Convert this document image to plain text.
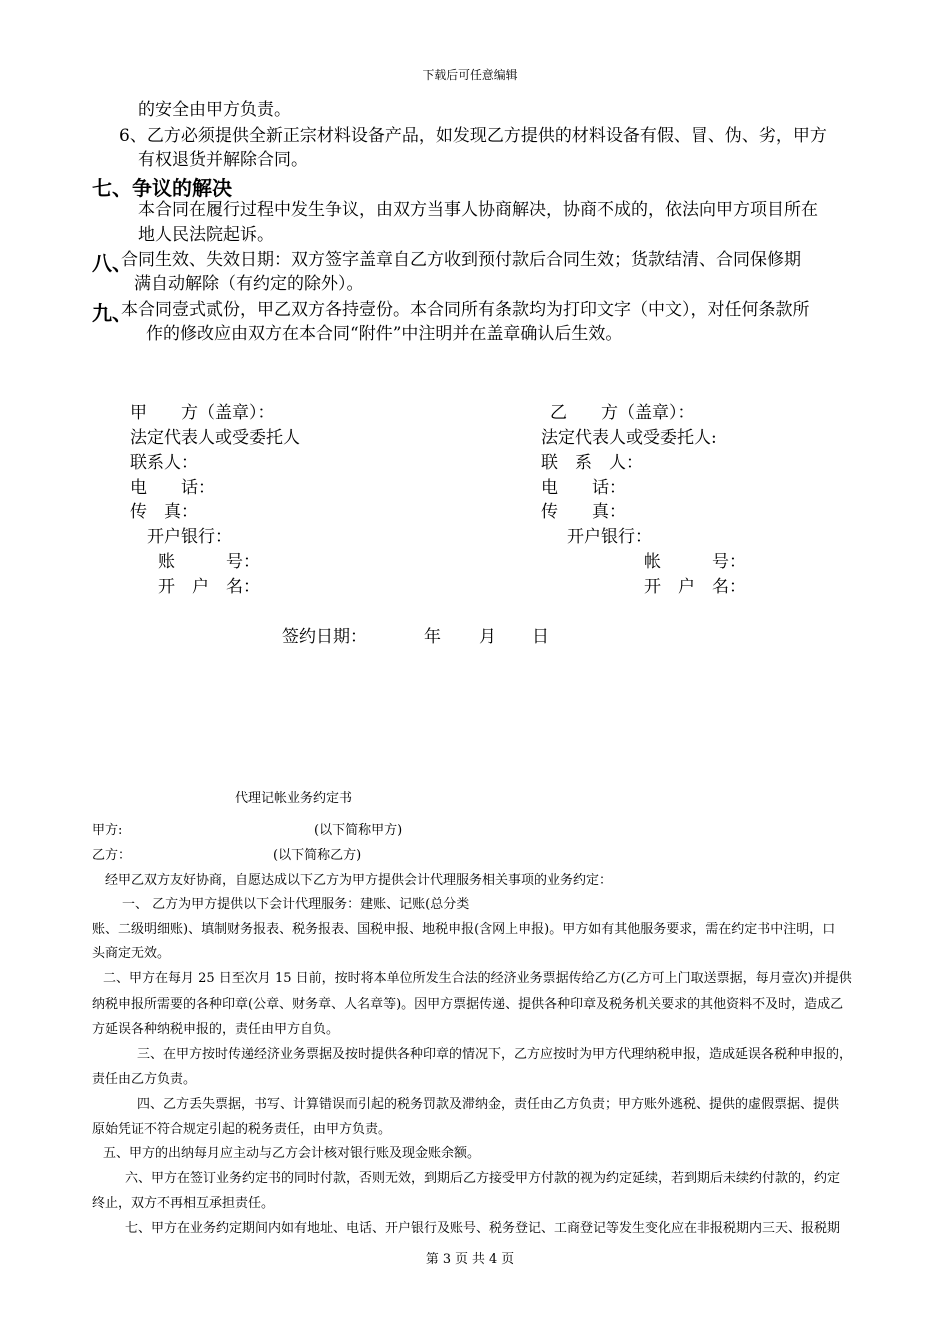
下载后可任意编辑
的安全由甲方负责。
6、乙方必须提供全新正宗材料设备产品，如发现乙方提供的材料设备有假、冒、伪、劣，甲方
有权退货并解除合同。
七、争议的解决
本合同在履行过程中发生争议，由双方当事人协商解决，协商不成的，依法向甲方项目所在
地人民法院起诉。
八、
合同生效、失效日期：双方签字盖章自乙方收到预付款后合同生效；货款结清、合同保修期
满自动解除（有约定的除外）。
九、
本合同壹式贰份，甲乙双方各持壹份。本合同所有条款均为打印文字（中文），对任何条款所
作的修改应由双方在本合同“附件”中注明并在盖章确认后生效。
甲　　方（盖章）：
法定代表人或受委托人
联系人：
电　　话：
传　真：
开户银行：
账　　　号：
开　户　名：
乙　　方（盖章）：
法定代表人或受委托人:
联　系　人：
电　　话：
传　　真：
开户银行：
帐　　　号：
开　户　名：
签约日期：	年 月 日
代理记帐业务约定书
甲方:	(以下简称甲方)
乙方：	(以下简称乙方)
经甲乙双方友好协商，自愿达成以下乙方为甲方提供会计代理服务相关事项的业务约定：
一、 乙方为甲方提供以下会计代理服务：建账、记账(总分类
账、二级明细账)、填制财务报表、税务报表、国税申报、地税申报(含网上申报)。甲方如有其他服务要求，需在约定书中注明，口
头商定无效。
二、甲方在每月 25 日至次月 15 日前，按时将本单位所发生合法的经济业务票据传给乙方(乙方可上门取送票据，每月壹次)并提供
纳税申报所需要的各种印章(公章、财务章、人名章等)。因甲方票据传递、提供各种印章及税务机关要求的其他资料不及时，造成乙
方延误各种纳税申报的，责任由甲方自负。
三、在甲方按时传递经济业务票据及按时提供各种印章的情况下，乙方应按时为甲方代理纳税申报，造成延误各税种申报的，
责任由乙方负责。
四、乙方丢失票据，书写、计算错误而引起的税务罚款及滞纳金，责任由乙方负责；甲方账外逃税、提供的虚假票据、提供
原始凭证不符合规定引起的税务责任，由甲方负责。
五、甲方的出纳每月应主动与乙方会计核对银行账及现金账余额。
六、甲方在签订业务约定书的同时付款，否则无效，到期后乙方接受甲方付款的视为约定延续，若到期后未续约付款的，约定
终止，双方不再相互承担责任。
七、甲方在业务约定期间内如有地址、电话、开户银行及账号、税务登记、工商登记等发生变化应在非报税期内三天、报税期
第 3 页 共 4 页
